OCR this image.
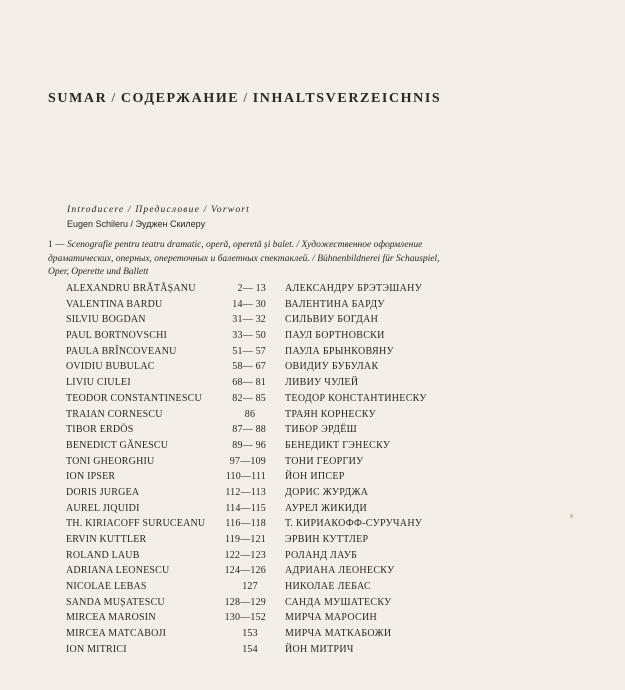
SUMAR / СОДЕРЖАНИЕ / INHALTSVERZEICHNIS
Introducere / Предисловие / Vorwort
Eugen Schileru / Эуджен Скилеру
1 — Scenografie pentru teatru dramatic, operă, operetă și balet. / Художественное оформление драматических, оперных, опереточных и балетных спектаклей. / Bühnenbildnerei für Schauspiel, Oper, Operette und Ballett
ALEXANDRU BRĂTĂȘANU	2— 13 АЛЕКСАНДРУ БРЭТЭШАНУ
VALENTINA BARDU	14— 30 ВАЛЕНТИНА БАРДУ
SILVIU BOGDAN	31— 32 СИЛЬВИУ БОГДАН
PAUL BORTNOVSCHI	33— 50 ПАУЛ БОРТНОВСКИ
PAULA BRÎNCOVEANU	51— 57 ПАУЛА БРЫНКОВЯНУ
OVIDIU BUBULAC	58— 67 ОВИДИУ БУБУЛАК
LIVIU CIULEI	68— 81 ЛИВИУ ЧУЛЕЙ
TEODOR CONSTANTINESCU	82— 85 ТЕОДОР КОНСТАНТИНЕСКУ
TRAIAN CORNESCU	86	ТРАЯН КОРНЕСКУ
TIBOR ERDÖS	87— 88 ТИБОР ЭРДЁШ
BENEDICT GĂNESCU	89— 96 БЕНЕДИКТ ГЭНЕСКУ
TONI GHEORGHIU	97—109 ТОНИ ГЕОРГИУ
ION IPSER	110—111 ЙОН ИПСЕР
DORIS JURGEA	112—113 ДОРИС ЖУРДЖА
AUREL JIQUIDI	114—115 АУРЕЛ ЖИКИДИ
TH. KIRIACOFF SURUCEANU	116—118 Т. КИРИАКОФФ-СУРУЧАНУ
ERVIN KUTTLER	119—121 ЭРВИН КУТТЛЕР
ROLAND LAUB	122—123 РОЛАНД ЛАУБ
ADRIANA LEONESCU	124—126 АДРИАНА ЛЕОНЕСКУ
NICOLAE LEBAS	127	НИКОЛАЕ ЛЕБАС
SANDA MUȘATESCU	128—129 САНДА МУШАТЕСКУ
MIRCEA MAROSIN	130—152 МИРЧА МАРОСИН
MIRCEA MATCABOJI	153	МИРЧА МАТКАБОЖИ
ION MITRICI	154	ЙОН МИТРИЧ
